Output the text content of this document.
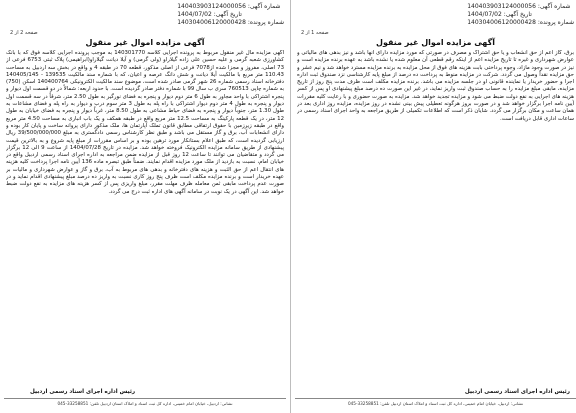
شماره آگهی: 140403903124000056
تاریخ آگهی: 1404/07/02
شماره پرونده: 140304006120000428
صفحه 2 از 2
آگهی مزایده اموال غیر منقول
آگهی مزایده مال غیر منقول مربوط به پرونده اجرایی کلاسه 140301770 به موجب پرونده اجرایی کلاسه فوق که با بانک کشاورزی شعبه گرمی و علیه حسین علی زاده گیلاراو (ولی گرمی) و آیلا دیانت گیلاراو(ابراهیمی) پلاک ثبتی 6753 فرعی از 73 اصلی، مفروز و مجزا شده از7078 فرعی از اصلی مذکور، قطعه 70 در طبقه 4 و واقع در بخش سه اردبیل به مساحت 110.43 متر مربع با مالکیت آیلا دیانت و شش دانگ عرصه و اعیان، که با شماره سند مالکیت 139535 - 140405/145 دفترخانه اسناد رسمی شماره 26 شهر گرمی صادر شده است، موضوع سند مالکیت الکترونیکی 140400764 اسکن (750) به شماره چاپی 760513 سری ب سال 99 با شماره دفتر صادر گردیده است. با حدود اربعه: شمالاً در دو قسمت اول دیوار و پنجره اشتراکی با واحد مجاور به طول 6 متر دوم دیوار و پنجره به فضای نورگیر به طول 2.50 متر، شرقاً در سه قسمت اول دیوار و پنجره به طول 4 متر دوم دیوار اشتراکی با راه پله به طول 3 متر سوم درب و دیوار به راه پله و فضای مشاعات به طول 1.30 متر، جنوباً دیوار و پنجره به فضای حیاط مشاعی به طول 8.50 متر، غرباً دیوار و پنجره به فضای خیابان به طول 12 متر، در یک قطعه پارکینگ به مساحت 12.5 متر مربع واقع در طبقه همکف و یک باب انباری به مساحت 4.50 متر مربع واقع در طبقه زیرزمین با حقوق ارتفاقی مطابق قانون تملک آپارتمان ها، ملک مذکور دارای پروانه ساخت و پایان کار بوده و دارای انشعابات آب، برق و گاز مستقل می باشد و طبق نظر کارشناس رسمی دادگستری به مبلغ 39/500/000/000 ریال ارزیابی گردیده است، که طبق اعلام بستانکار مورد ترهین بوده و بر اساس مقررات از مبلغ پایه شروع و به بالاترین قیمت پیشنهادی از طریق سامانه مزایده الکترونیک فروخته خواهد شد. مزایده در تاریخ 1404/07/28 از ساعت 9 الی 12 برگزار می گردد و متقاضیان می توانند تا ساعت 12 روز قبل از مزایده ضمن مراجعه به اداره اجرای اسناد رسمی اردبیل واقع در خیابان امام، نسبت به بازدید از ملک مورد مزایده اقدام نمایند. ضمناً طبق تبصره ماده 136 آیین نامه اجرا پرداخت کلیه هزینه های انتقال اعم از حق الثبت و هزینه های دفترخانه و بدهی های مربوط به آب، برق و گاز و عوارض شهرداری و مالیات بر عهده خریدار است و برنده مزایده مکلف است ظرف پنج روز کاری نسبت به واریز ده درصد مبلغ پیشنهادی اقدام نماید و در صورت عدم پرداخت مابقی ثمن معامله ظرف مهلت مقرر، مبلغ واریزی پس از کسر هزینه های مزایده به نفع دولت ضبط خواهد شد. این آگهی در یک نوبت در سامانه آگهی های اداره ثبت درج می گردد.
رئیس اداره اجرای اسناد رسمی اردبیل
نشانی: اردبیل، خیابان امام خمینی، اداره کل ثبت اسناد و املاک استان اردبیل تلفن: 33258851-045
شماره آگهی: 140403903124000056
تاریخ آگهی: 1404/07/02
شماره پرونده: 140304006120000428
صفحه 1 از 2
آگهی مزایده اموال غیر منقول
برق، گاز اعم از حق انشعاب و یا حق اشتراک و مصرف در صورتی که مورد مزایده دارای آنها باشد و نیز بدهی های مالیاتی و عوارض شهرداری و غیره تا تاریخ مزایده اعم از اینکه رقم قطعی آن معلوم شده یا نشده باشد به عهده برنده مزایده است و نیز در صورت وجود مازاد، وجوه پرداختی بابت هزینه های فوق از محل مزایده به برنده مزایده مسترد خواهد شد و نیم عشر و حق مزایده نقداً وصول می گردد. شرکت در مزایده منوط به پرداخت ده درصد از مبلغ پایه کارشناسی نزد صندوق ثبت اداره اجرا و حضور خریدار یا نماینده قانونی او در جلسه مزایده می باشد. برنده مزایده مکلف است ظرف مدت پنج روز از تاریخ مزایده، مابقی مبلغ مزایده را به حساب صندوق ثبت واریز نماید، در غیر این صورت ده درصد مبلغ پیشنهادی او پس از کسر هزینه های اجرایی به نفع دولت ضبط می شود و مزایده تجدید خواهد شد. مزایده به صورت حضوری و با رعایت کلیه مقررات آیین نامه اجرا برگزار خواهد شد و در صورت بروز هرگونه تعطیلی پیش بینی نشده در روز مزایده، مزایده روز اداری بعد در همان ساعت و مکان برگزار می گردد. شایان ذکر است که اطلاعات تکمیلی از طریق مراجعه به واحد اجرای اسناد رسمی در ساعات اداری قابل دریافت است.
رئیس اداره اجرای اسناد رسمی اردبیل
نشانی: اردبیل، خیابان امام خمینی، اداره کل ثبت اسناد و املاک استان اردبیل تلفن: 33258851-045
